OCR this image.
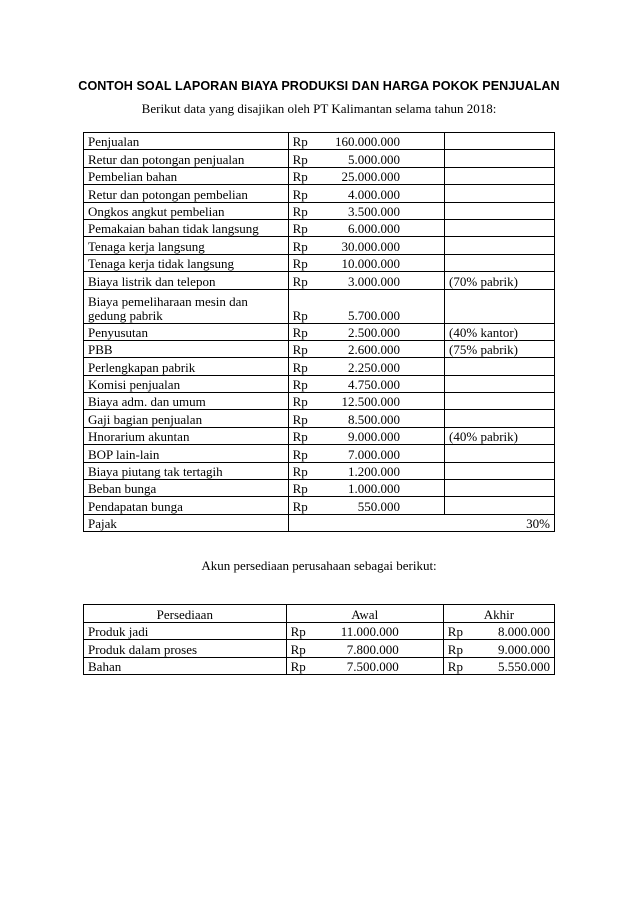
CONTOH SOAL LAPORAN BIAYA PRODUKSI DAN HARGA POKOK PENJUALAN
Berikut data yang disajikan oleh PT Kalimantan selama tahun 2018:
Penjualan	Rp 160.000.000	

Retur dan potongan penjualan	Rp 5.000.000	

Pembelian bahan	Rp 25.000.000	

Retur dan potongan pembelian	Rp 4.000.000	

Ongkos angkut pembelian	Rp 3.500.000	

Pemakaian bahan tidak langsung	Rp 6.000.000	

Tenaga kerja langsung	Rp 30.000.000	

Tenaga kerja tidak langsung	Rp 10.000.000	

Biaya listrik dan telepon	Rp 3.000.000	(70% pabrik)
Biaya pemeliharaan mesin dan gedung pabrik	Rp 5.700.000	

Penyusutan	Rp 2.500.000	(40% kantor)
PBB	Rp 2.600.000	(75% pabrik)
Perlengkapan pabrik	Rp 2.250.000	

Komisi penjualan	Rp 4.750.000	

Biaya adm. dan umum	Rp 12.500.000	

Gaji bagian penjualan	Rp 8.500.000	

Hnorarium akuntan	Rp 9.000.000	(40% pabrik)
BOP lain-lain	Rp 7.000.000	

Biaya piutang tak tertagih	Rp 1.200.000	

Beban bunga	Rp 1.000.000	

Pendapatan bunga	Rp 550.000	

Pajak	30%	
Akun persediaan perusahaan sebagai berikut:
Persediaan	Awal	Akhir
Produk jadi	Rp 11.000.000	Rp 8.000.000

Produk dalam proses	Rp 7.800.000	Rp 9.000.000

Bahan	Rp 7.500.000	Rp 5.550.000
